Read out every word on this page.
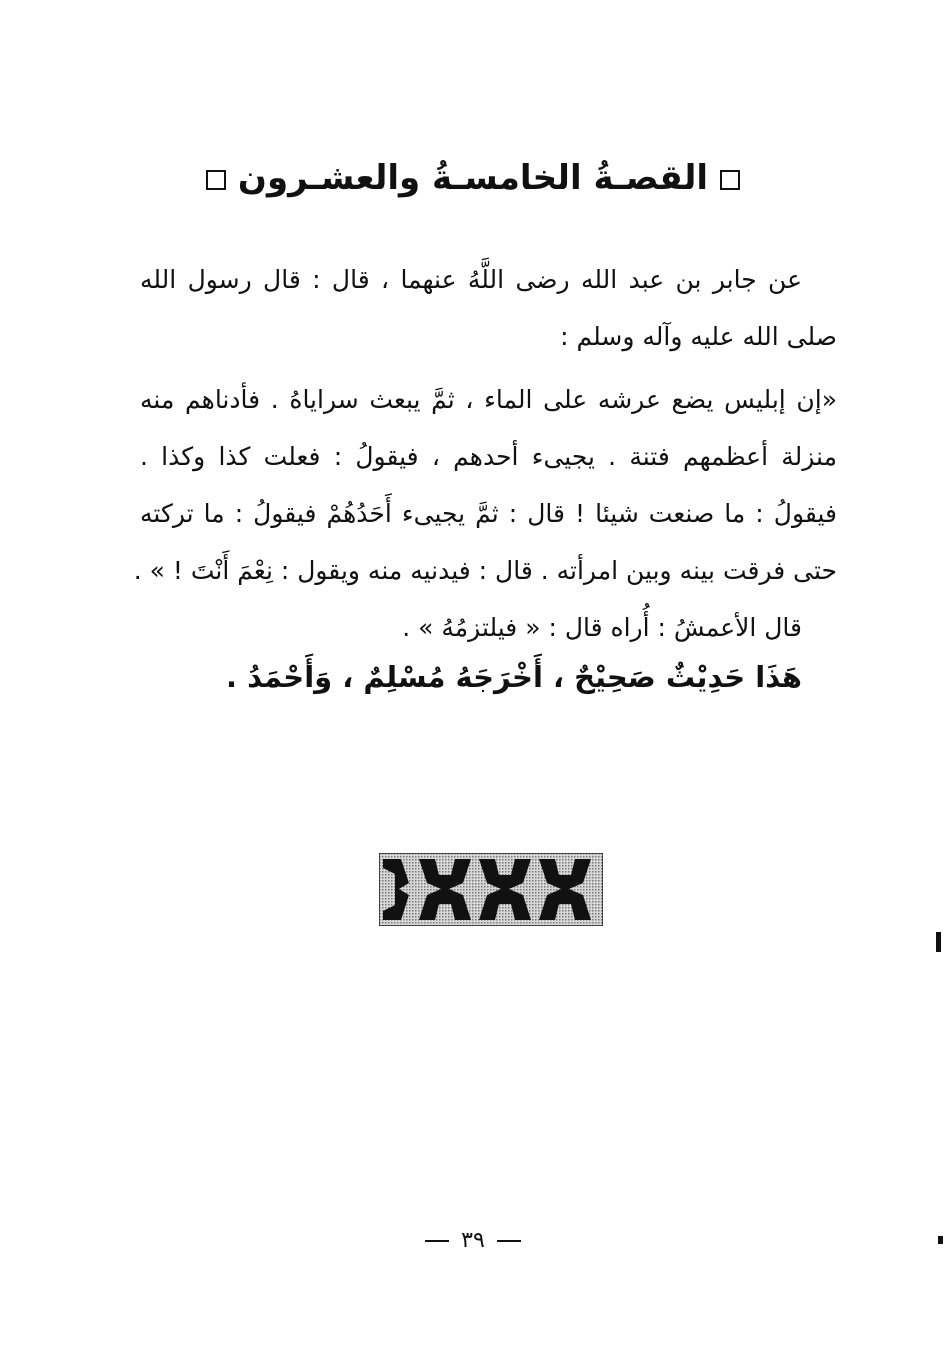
القصـةُ الخامسـةُ والعشـرون
عن جابر بن عبد الله رضى اللَّهُ عنهما ، قال : قال رسول الله
صلى الله عليه وآله وسلم :
«إن إبليس يضع عرشه على الماء ، ثمَّ يبعث سراياهُ . فأدناهم منه
منزلة أعظمهم فتنة . يجيىء أحدهم ، فيقولُ : فعلت كذا وكذا .
فيقولُ : ما صنعت شيئا ! قال : ثمَّ يجيىء أَحَدُهُمْ فيقولُ : ما تركته
حتى فرقت بينه وبين امرأته . قال : فيدنيه منه ويقول : نِعْمَ أَنْتَ ! » .
قال الأعمشُ : أُراه قال : « فيلتزمُهُ » .
هَذَا حَدِيْثٌ صَحِيْحٌ ، أَخْرَجَهُ مُسْلِمٌ ، وَأَحْمَدُ .
٣٩
